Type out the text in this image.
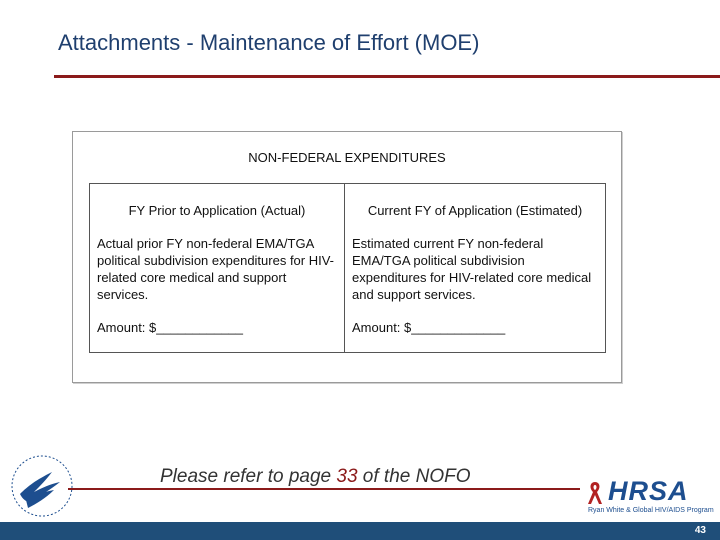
Attachments - Maintenance of Effort (MOE)
NON-FEDERAL EXPENDITURES
FY Prior to Application (Actual)
Actual prior FY non-federal EMA/TGA political subdivision expenditures for HIV-related core medical and support services.
Amount: $____________
Current FY of Application (Estimated)
Estimated current FY non-federal EMA/TGA political subdivision expenditures for HIV-related core medical and support services.
Amount: $_____________
Please refer to page 33 of the NOFO	HRSA
Ryan White & Global HIV/AIDS Program
43
